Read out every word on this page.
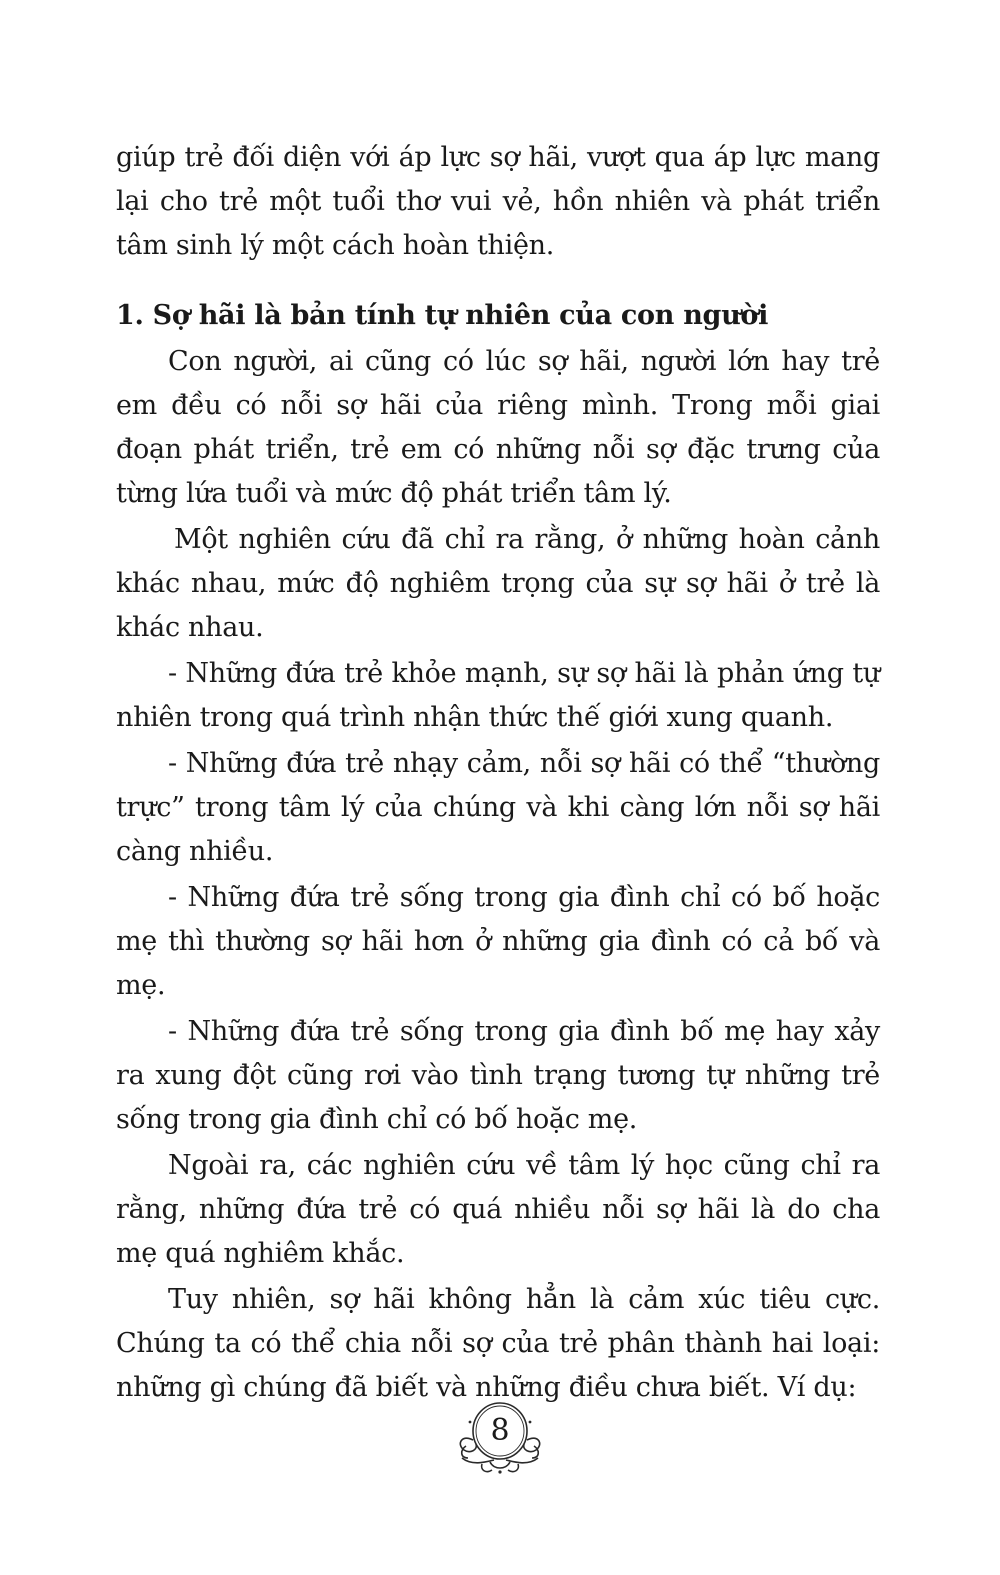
giúp trẻ đối diện với áp lực sợ hãi, vượt qua áp lực mang lại cho trẻ một tuổi thơ vui vẻ, hồn nhiên và phát triển tâm sinh lý một cách hoàn thiện.

1. Sợ hãi là bản tính tự nhiên của con người

Con người, ai cũng có lúc sợ hãi, người lớn hay trẻ em đều có nỗi sợ hãi của riêng mình. Trong mỗi giai đoạn phát triển, trẻ em có những nỗi sợ đặc trưng của từng lứa tuổi và mức độ phát triển tâm lý.

Một nghiên cứu đã chỉ ra rằng, ở những hoàn cảnh khác nhau, mức độ nghiêm trọng của sự sợ hãi ở trẻ là khác nhau.

- Những đứa trẻ khỏe mạnh, sự sợ hãi là phản ứng tự nhiên trong quá trình nhận thức thế giới xung quanh.

- Những đứa trẻ nhạy cảm, nỗi sợ hãi có thể “thường trực” trong tâm lý của chúng và khi càng lớn nỗi sợ hãi càng nhiều.

- Những đứa trẻ sống trong gia đình chỉ có bố hoặc mẹ thì thường sợ hãi hơn ở những gia đình có cả bố và mẹ.

- Những đứa trẻ sống trong gia đình bố mẹ hay xảy ra xung đột cũng rơi vào tình trạng tương tự những trẻ sống trong gia đình chỉ có bố hoặc mẹ.

Ngoài ra, các nghiên cứu về tâm lý học cũng chỉ ra rằng, những đứa trẻ có quá nhiều nỗi sợ hãi là do cha mẹ quá nghiêm khắc.

Tuy nhiên, sợ hãi không hẳn là cảm xúc tiêu cực. Chúng ta có thể chia nỗi sợ của trẻ phân thành hai loại: những gì chúng đã biết và những điều chưa biết. Ví dụ:

8
